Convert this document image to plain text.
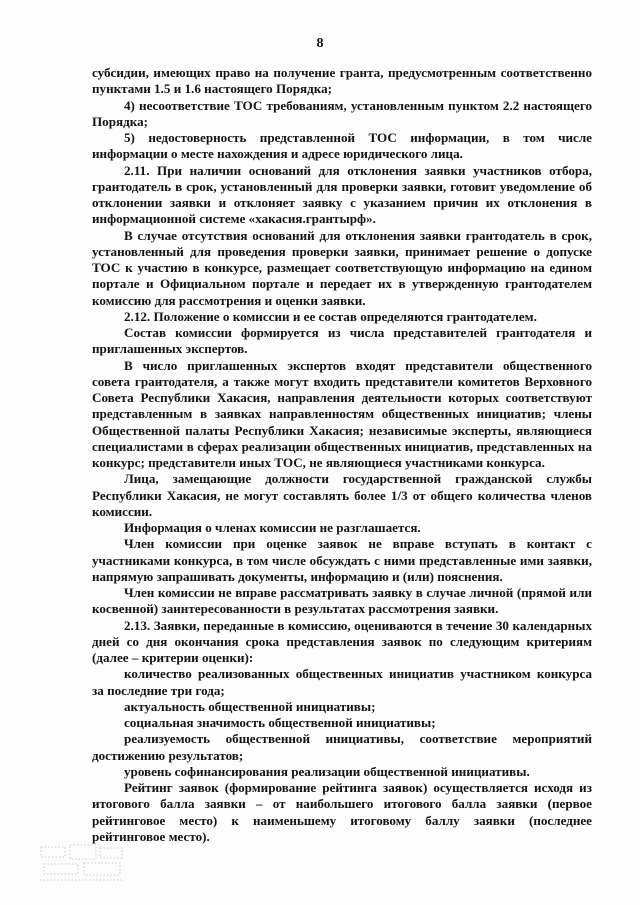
8

субсидии, имеющих право на получение гранта, предусмотренным соответственно пунктами 1.5 и 1.6 настоящего Порядка;

4) несоответствие ТОС требованиям, установленным пунктом 2.2 настоящего Порядка;

5) недостоверность представленной ТОС информации, в том числе информации о месте нахождения и адресе юридического лица.

2.11. При наличии оснований для отклонения заявки участников отбора, грантодатель в срок, установленный для проверки заявки, готовит уведомление об отклонении заявки и отклоняет заявку с указанием причин их отклонения в информационной системе «хакасия.грантырф».

В случае отсутствия оснований для отклонения заявки грантодатель в срок, установленный для проведения проверки заявки, принимает решение о допуске ТОС к участию в конкурсе, размещает соответствующую информацию на едином портале и Официальном портале и передает их в утвержденную грантодателем комиссию для рассмотрения и оценки заявки.

2.12. Положение о комиссии и ее состав определяются грантодателем.

Состав комиссии формируется из числа представителей грантодателя и приглашенных экспертов.

В число приглашенных экспертов входят представители общественного совета грантодателя, а также могут входить представители комитетов Верховного Совета Республики Хакасия, направления деятельности которых соответствуют представленным в заявках направленностям общественных инициатив; члены Общественной палаты Республики Хакасия; независимые эксперты, являющиеся специалистами в сферах реализации общественных инициатив, представленных на конкурс; представители иных ТОС, не являющиеся участниками конкурса.

Лица, замещающие должности государственной гражданской службы Республики Хакасия, не могут составлять более 1/3 от общего количества членов комиссии.

Информация о членах комиссии не разглашается.

Член комиссии при оценке заявок не вправе вступать в контакт с участниками конкурса, в том числе обсуждать с ними представленные ими заявки, напрямую запрашивать документы, информацию и (или) пояснения.

Член комиссии не вправе рассматривать заявку в случае личной (прямой или косвенной) заинтересованности в результатах рассмотрения заявки.

2.13. Заявки, переданные в комиссию, оцениваются в течение 30 календарных дней со дня окончания срока представления заявок по следующим критериям (далее – критерии оценки):

количество реализованных общественных инициатив участником конкурса за последние три года;

актуальность общественной инициативы;

социальная значимость общественной инициативы;

реализуемость общественной инициативы, соответствие мероприятий достижению результатов;

уровень софинансирования реализации общественной инициативы.

Рейтинг заявок (формирование рейтинга заявок) осуществляется исходя из итогового балла заявки – от наибольшего итогового балла заявки (первое рейтинговое место) к наименьшему итоговому баллу заявки (последнее рейтинговое место).
